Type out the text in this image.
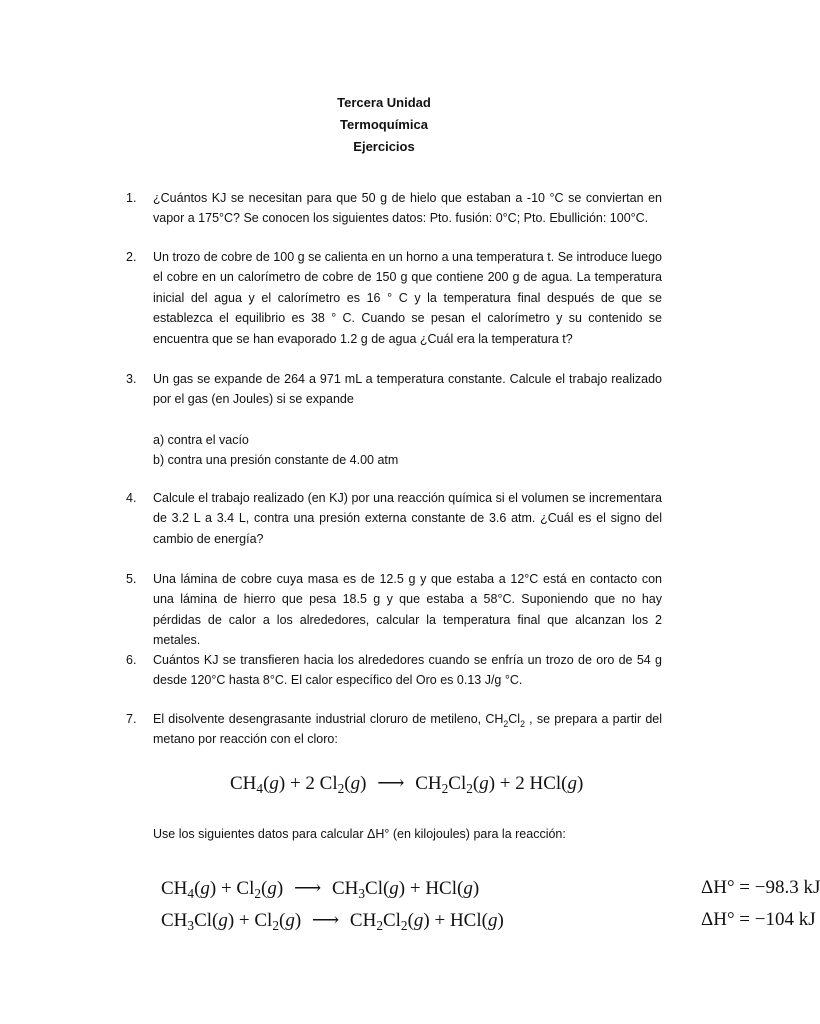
Tercera Unidad
Termoquímica
Ejercicios
1. ¿Cuántos KJ se necesitan para que 50 g de hielo que estaban a -10 °C se conviertan en vapor a 175°C? Se conocen los siguientes datos: Pto. fusión: 0°C; Pto. Ebullición: 100°C.
2. Un trozo de cobre de 100 g se calienta en un horno a una temperatura t. Se introduce luego el cobre en un calorímetro de cobre de 150 g que contiene 200 g de agua. La temperatura inicial del agua y el calorímetro es 16 ° C y la temperatura final después de que se establezca el equilibrio es 38 ° C. Cuando se pesan el calorímetro y su contenido se encuentra que se han evaporado 1.2 g de agua ¿Cuál era la temperatura t?
3. Un gas se expande de 264 a 971 mL a temperatura constante. Calcule el trabajo realizado por el gas (en Joules) si se expande

a) contra el vacío

b) contra una presión constante de 4.00 atm

4. Calcule el trabajo realizado (en KJ) por una reacción química si el volumen se incrementara de 3.2 L a 3.4 L, contra una presión externa constante de 3.6 atm. ¿Cuál es el signo del cambio de energía?
5. Una lámina de cobre cuya masa es de 12.5 g y que estaba a 12°C está en contacto con una lámina de hierro que pesa 18.5 g y que estaba a 58°C. Suponiendo que no hay pérdidas de calor a los alrededores, calcular la temperatura final que alcanzan los 2 metales.
6. Cuántos KJ se transfieren hacia los alrededores cuando se enfría un trozo de oro de 54 g desde 120°C hasta 8°C. El calor específico del Oro es 0.13 J/g °C.
7. El disolvente desengrasante industrial cloruro de metileno, $CH_2Cl_2$ , se prepara a partir del metano por reacción con el cloro:
$CH_4(g) + 2$ $Cl_2(g)$ ⟶ $CH_2Cl_2(g) + 2$ HCl(g)
Use los siguientes datos para calcular ΔH° (en kilojoules) para la reacción:
$CH_4(g) + Cl_2(g)$ ⟶ $CH_3Cl(g) + HCl(g)$	ΔH° = −98.3 kJ
$CH_3Cl(g) + Cl_2(g)$ ⟶ $CH_2Cl_2(g) + HCl(g)$	ΔH° = −104 kJ
